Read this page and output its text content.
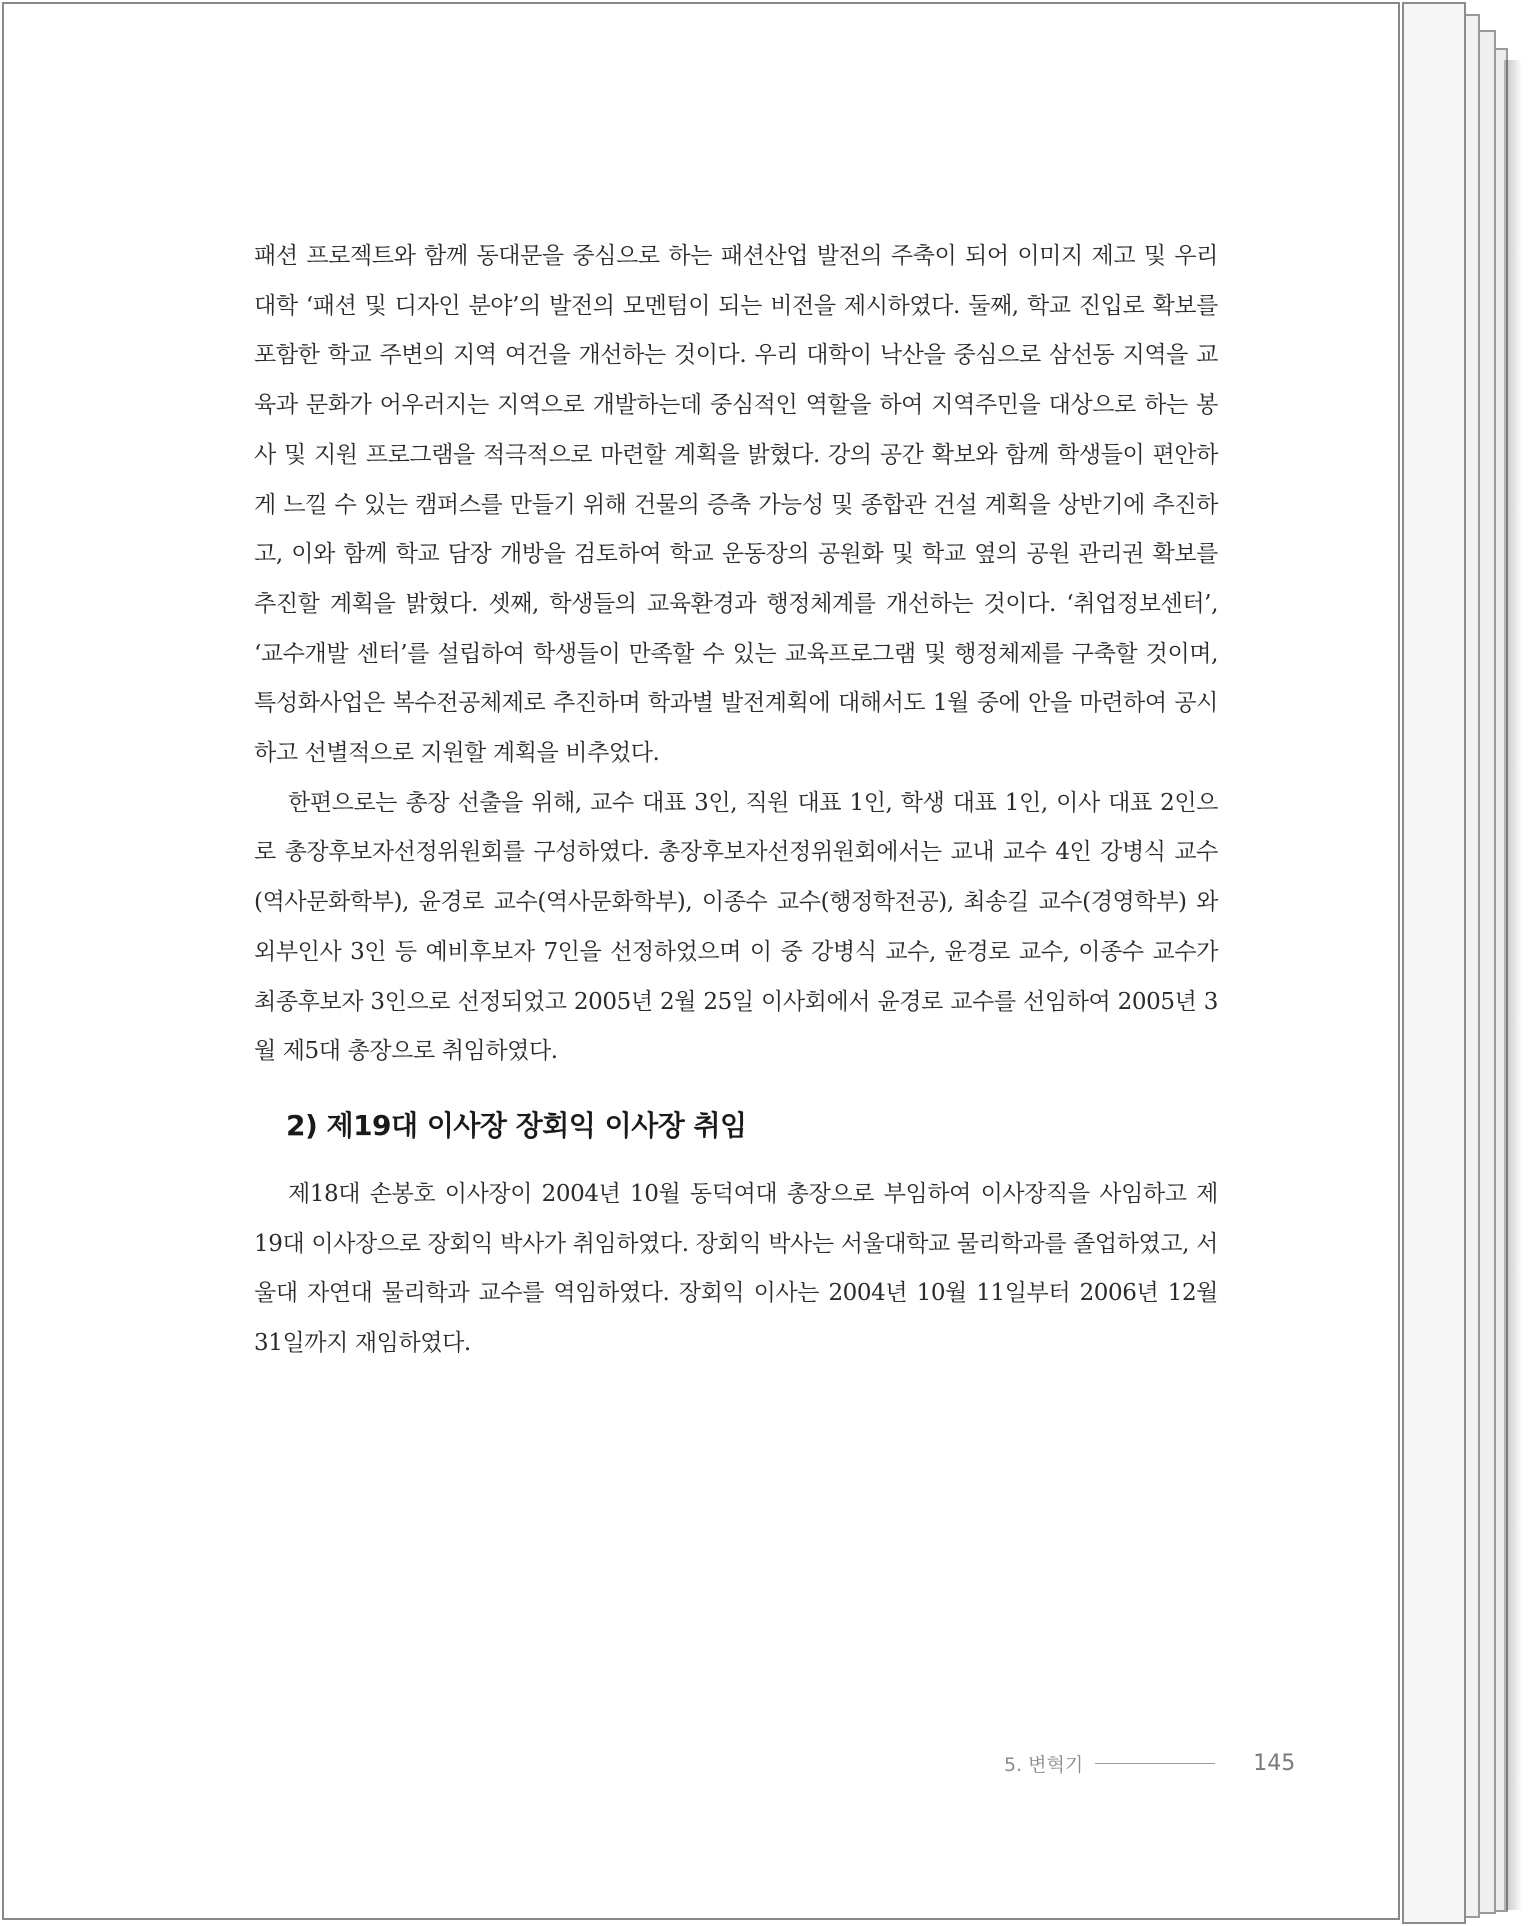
패션 프로젝트와 함께 동대문을 중심으로 하는 패션산업 발전의 주축이 되어 이미지 제고 및 우리 대학 ‘패션 및 디자인 분야’의 발전의 모멘텀이 되는 비전을 제시하였다. 둘째, 학교 진입로 확보를 포함한 학교 주변의 지역 여건을 개선하는 것이다. 우리 대학이 낙산을 중심으로 삼선동 지역을 교육과 문화가 어우러지는 지역으로 개발하는데 중심적인 역할을 하여 지역주민을 대상으로 하는 봉사 및 지원 프로그램을 적극적으로 마련할 계획을 밝혔다. 강의 공간 확보와 함께 학생들이 편안하게 느낄 수 있는 캠퍼스를 만들기 위해 건물의 증축 가능성 및 종합관 건설 계획을 상반기에 추진하고, 이와 함께 학교 담장 개방을 검토하여 학교 운동장의 공원화 및 학교 옆의 공원 관리권 확보를 추진할 계획을 밝혔다. 셋째, 학생들의 교육환경과 행정체계를 개선하는 것이다. ‘취업정보센터’, ‘교수개발 센터’를 설립하여 학생들이 만족할 수 있는 교육프로그램 및 행정체제를 구축할 것이며, 특성화사업은 복수전공체제로 추진하며 학과별 발전계획에 대해서도 1월 중에 안을 마련하여 공시하고 선별적으로 지원할 계획을 비추었다.

한편으로는 총장 선출을 위해, 교수 대표 3인, 직원 대표 1인, 학생 대표 1인, 이사 대표 2인으로 총장후보자선정위원회를 구성하였다. 총장후보자선정위원회에서는 교내 교수 4인 강병식 교수(역사문화학부), 윤경로 교수(역사문화학부), 이종수 교수(행정학전공), 최송길 교수(경영학부) 와 외부인사 3인 등 예비후보자 7인을 선정하었으며 이 중 강병식 교수, 윤경로 교수, 이종수 교수가 최종후보자 3인으로 선정되었고 2005년 2월 25일 이사회에서 윤경로 교수를 선임하여 2005년 3월 제5대 총장으로 취임하였다.

2) 제19대 이사장 장회익 이사장 취임

제18대 손봉호 이사장이 2004년 10월 동덕여대 총장으로 부임하여 이사장직을 사임하고 제19대 이사장으로 장회익 박사가 취임하였다. 장회익 박사는 서울대학교 물리학과를 졸업하였고, 서울대 자연대 물리학과 교수를 역임하였다. 장회익 이사는 2004년 10월 11일부터 2006년 12월 31일까지 재임하였다.

5. 변혁기	145
